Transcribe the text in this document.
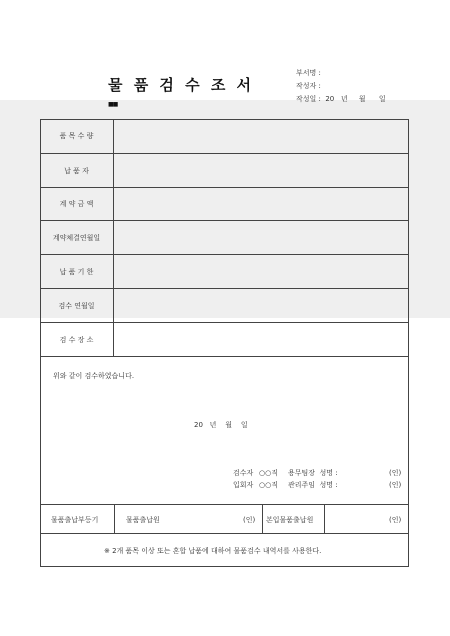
물 품 검 수 조 서
■■
부서명 :
작성자 :
작성일 :  20   년     월      일
품 목 수 량
납 품 자
계 약 금 액
계약체결연월일
납 품 기 한
검수 연월일
검 수 장 소
위와 같이 검수하였습니다.
20   년    월    일
검수자 ○○직 용무팀장  성명 :	(인)
입회자 ○○직 관리주임  성명 :	(인)
물품출납부등기	물품출납원	(인) 본입물품출납원	(인)
※ 2개 품목 이상 또는 혼합 납품에 대하여 물품검수 내역서를 사용한다.
